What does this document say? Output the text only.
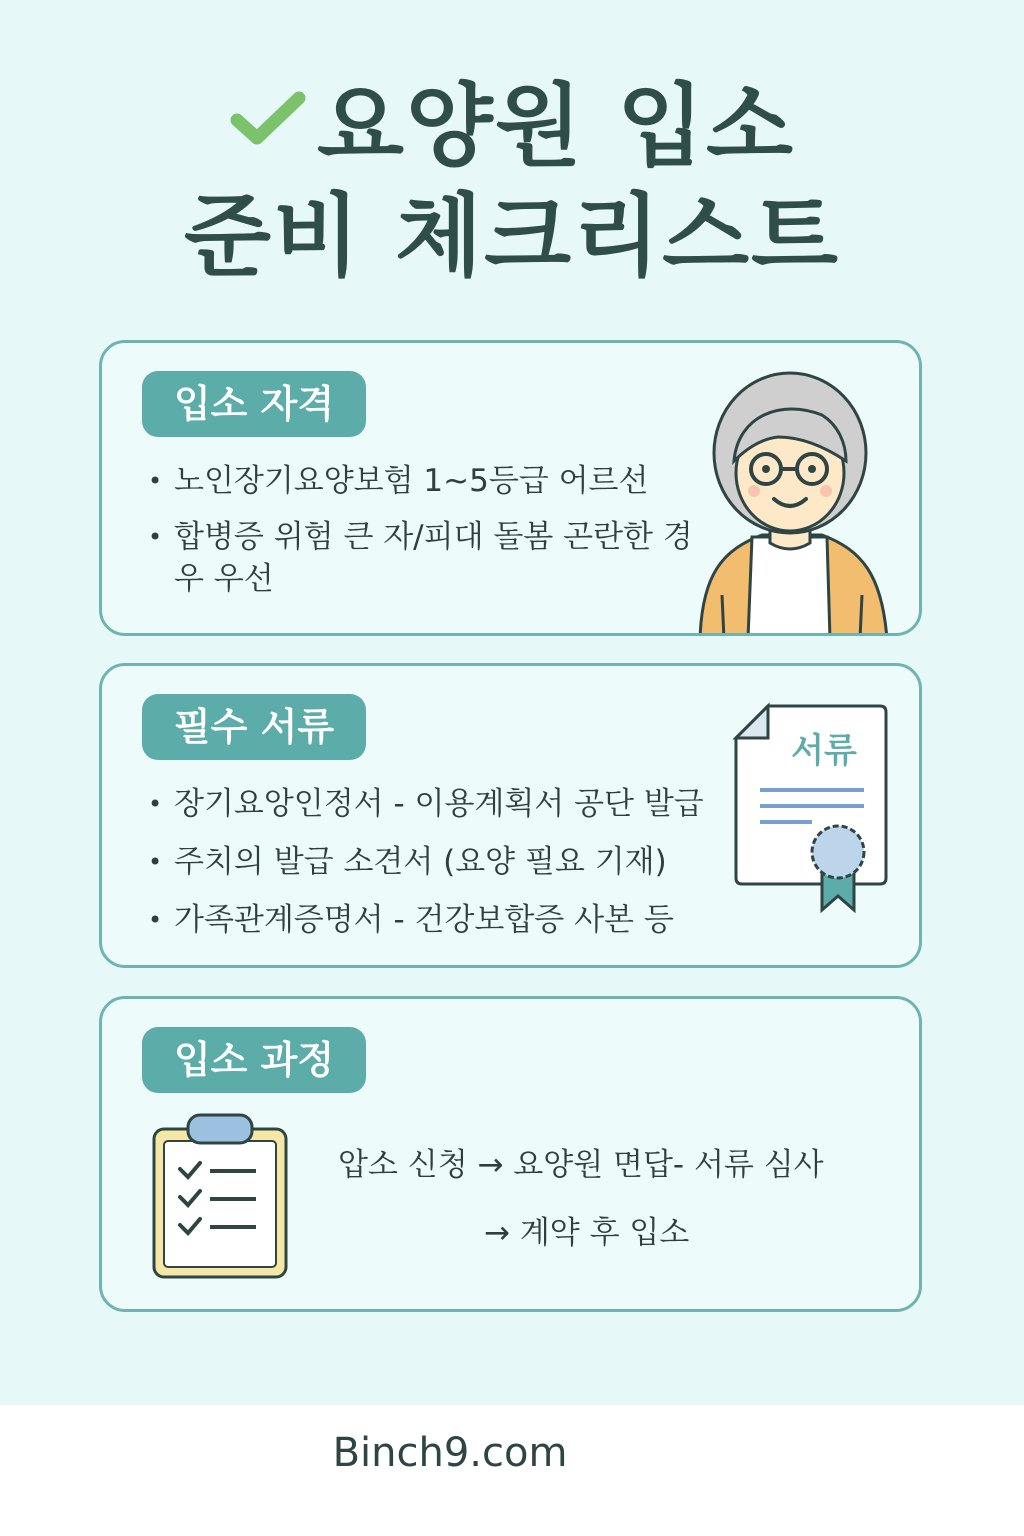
요양원 입소
준비 체크리스트
입소 자격
• 노인장기요양보험 1~5등급 어르선
• 합병증 위험 큰 자/피대 돌봄 곤란한 경우 우선
필수 서류
• 장기요앙인정서 - 이용계획서 공단 발급
• 주치의 발급 소견서 (요양 필요 기재)
• 가족관계증명서 - 건강보합증 사본 등
서류
입소 과정
압소 신청 → 요양원 면답- 서류 심사
→ 계약 후 입소
Binch9.com
